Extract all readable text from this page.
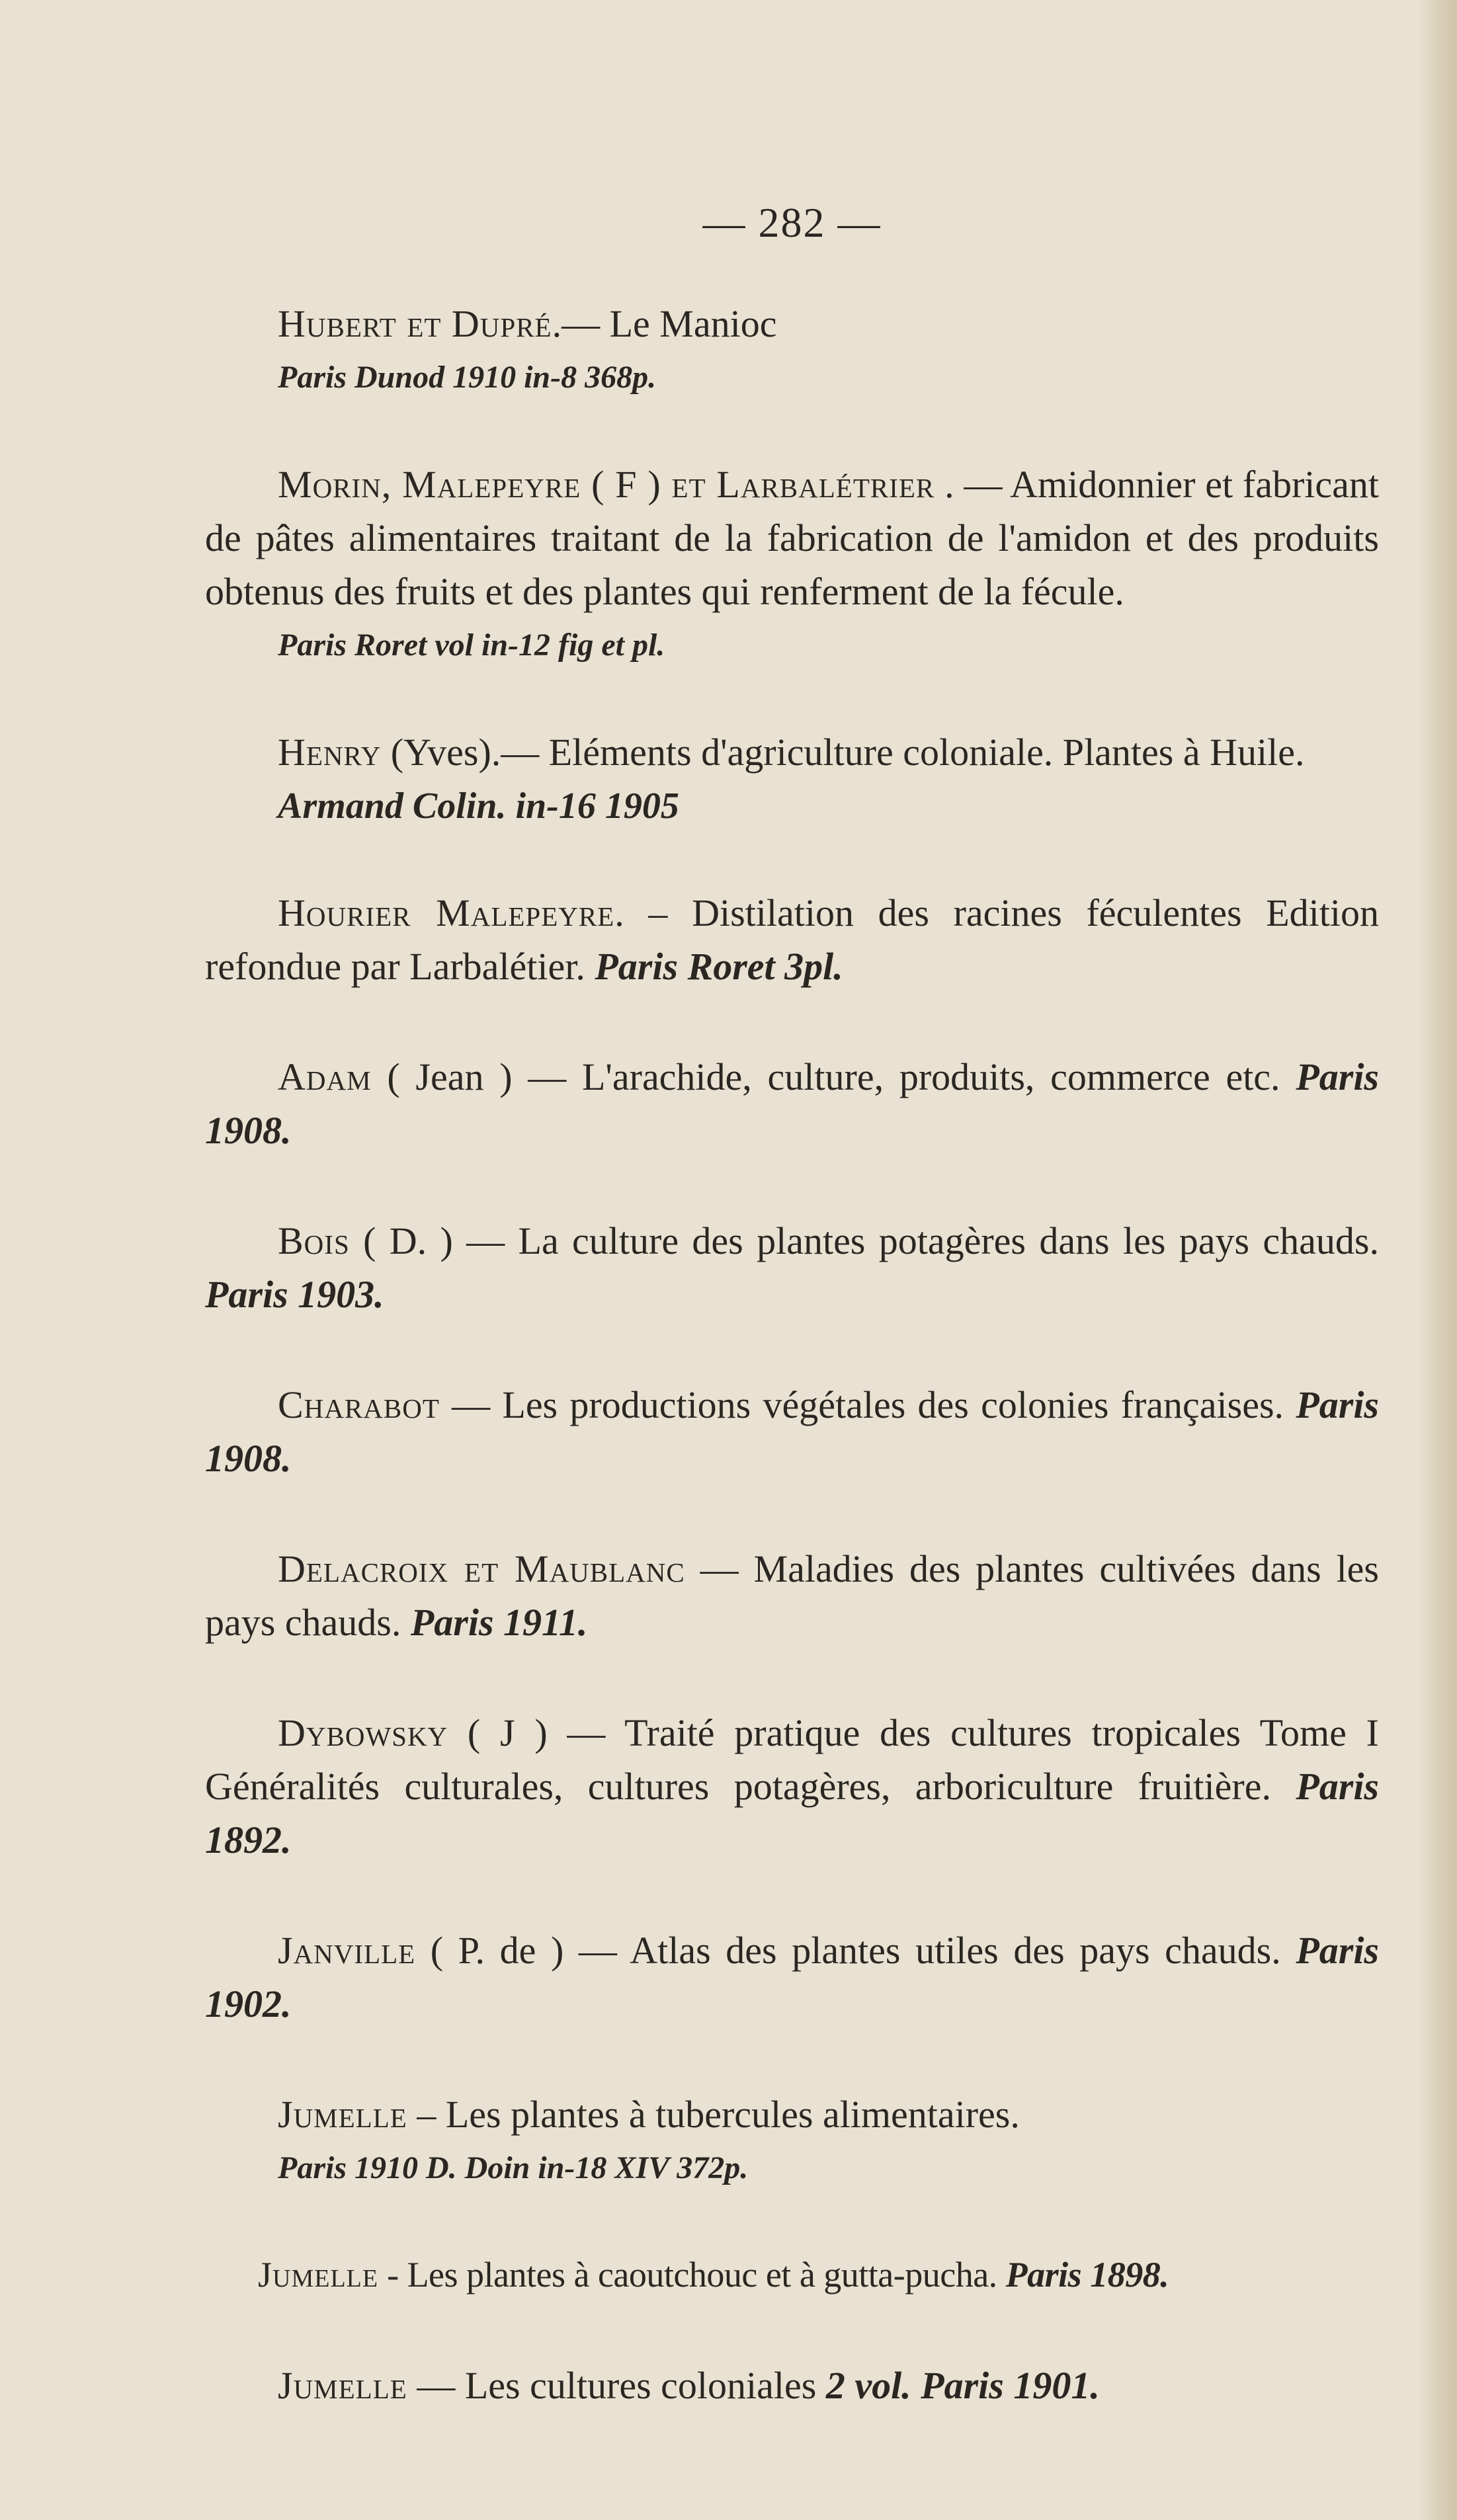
— 282 —

Hubert et Dupré.— Le Manioc

Paris Dunod 1910 in-8 368p.

Morin, Malepeyre ( F ) et Larbalétrier . — Amidonnier et fabricant de pâtes alimentaires traitant de la fabrication de l'amidon et des produits obtenus des fruits et des plantes qui renferment de la fécule.

Paris Roret vol in-12 fig et pl.

Henry (Yves).— Eléments d'agriculture coloniale. Plantes à Huile.

Armand Colin. in-16 1905

Hourier Malepeyre. – Distilation des racines féculentes Edition refondue par Larbalétier. Paris Roret 3pl.

Adam ( Jean ) — L'arachide, culture, produits, commerce etc. Paris 1908.

Bois ( D. ) — La culture des plantes potagères dans les pays chauds. Paris 1903.

Charabot — Les productions végétales des colonies françaises. Paris 1908.

Delacroix et Maublanc — Maladies des plantes cultivées dans les pays chauds. Paris 1911.

Dybowsky ( J ) — Traité pratique des cultures tropicales Tome I Généralités culturales, cultures potagères, arboriculture fruitière. Paris 1892.

Janville ( P. de ) — Atlas des plantes utiles des pays chauds. Paris 1902.

Jumelle – Les plantes à tubercules alimentaires.

Paris 1910 D. Doin in-18 XIV 372p.

Jumelle - Les plantes à caoutchouc et à gutta-pucha. Paris 1898.

Jumelle — Les cultures coloniales 2 vol. Paris 1901.
